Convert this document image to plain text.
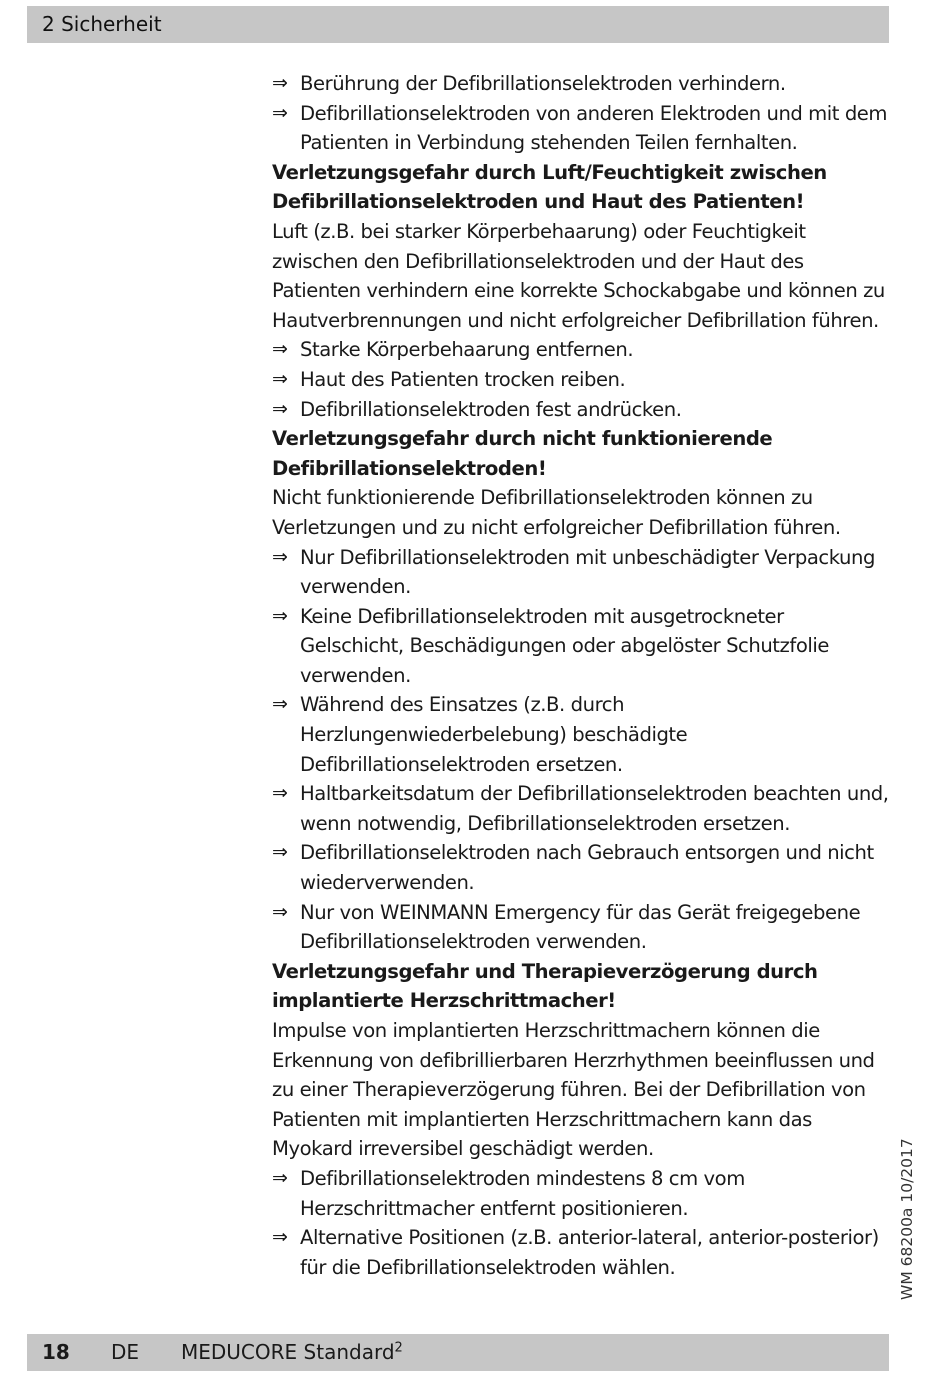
2 Sicherheit
⇒ Berührung der Defibrillationselektroden verhindern.
⇒ Defibrillationselektroden von anderen Elektroden und mit dem Patienten in Verbindung stehenden Teilen fernhalten.
Verletzungsgefahr durch Luft/Feuchtigkeit zwischen Defibrillationselektroden und Haut des Patienten!
Luft (z.B. bei starker Körperbehaarung) oder Feuchtigkeit zwischen den Defibrillationselektroden und der Haut des Patienten verhindern eine korrekte Schockabgabe und können zu Hautverbrennungen und nicht erfolgreicher Defibrillation führen.
⇒ Starke Körperbehaarung entfernen.
⇒ Haut des Patienten trocken reiben.
⇒ Defibrillationselektroden fest andrücken.
Verletzungsgefahr durch nicht funktionierende Defibrillationselektroden!
Nicht funktionierende Defibrillationselektroden können zu Verletzungen und zu nicht erfolgreicher Defibrillation führen.
⇒ Nur Defibrillationselektroden mit unbeschädigter Verpackung verwenden.
⇒ Keine Defibrillationselektroden mit ausgetrockneter Gelschicht, Beschädigungen oder abgelöster Schutzfolie verwenden.
⇒ Während des Einsatzes (z.B. durch Herzlungenwiederbelebung) beschädigte Defibrillationselektroden ersetzen.
⇒ Haltbarkeitsdatum der Defibrillationselektroden beachten und, wenn notwendig, Defibrillationselektroden ersetzen.
⇒ Defibrillationselektroden nach Gebrauch entsorgen und nicht wiederverwenden.
⇒ Nur von WEINMANN Emergency für das Gerät freigegebene Defibrillationselektroden verwenden.
Verletzungsgefahr und Therapieverzögerung durch implantierte Herzschrittmacher!
Impulse von implantierten Herzschrittmachern können die Erkennung von defibrillierbaren Herzrhythmen beeinflussen und zu einer Therapieverzögerung führen. Bei der Defibrillation von Patienten mit implantierten Herzschrittmachern kann das Myokard irreversibel geschädigt werden.
⇒ Defibrillationselektroden mindestens 8 cm vom Herzschrittmacher entfernt positionieren.
⇒ Alternative Positionen (z.B. anterior-lateral, anterior-posterior) für die Defibrillationselektroden wählen.	WM 68200a 10/2017
18 DE MEDUCORE Standard$^2$
